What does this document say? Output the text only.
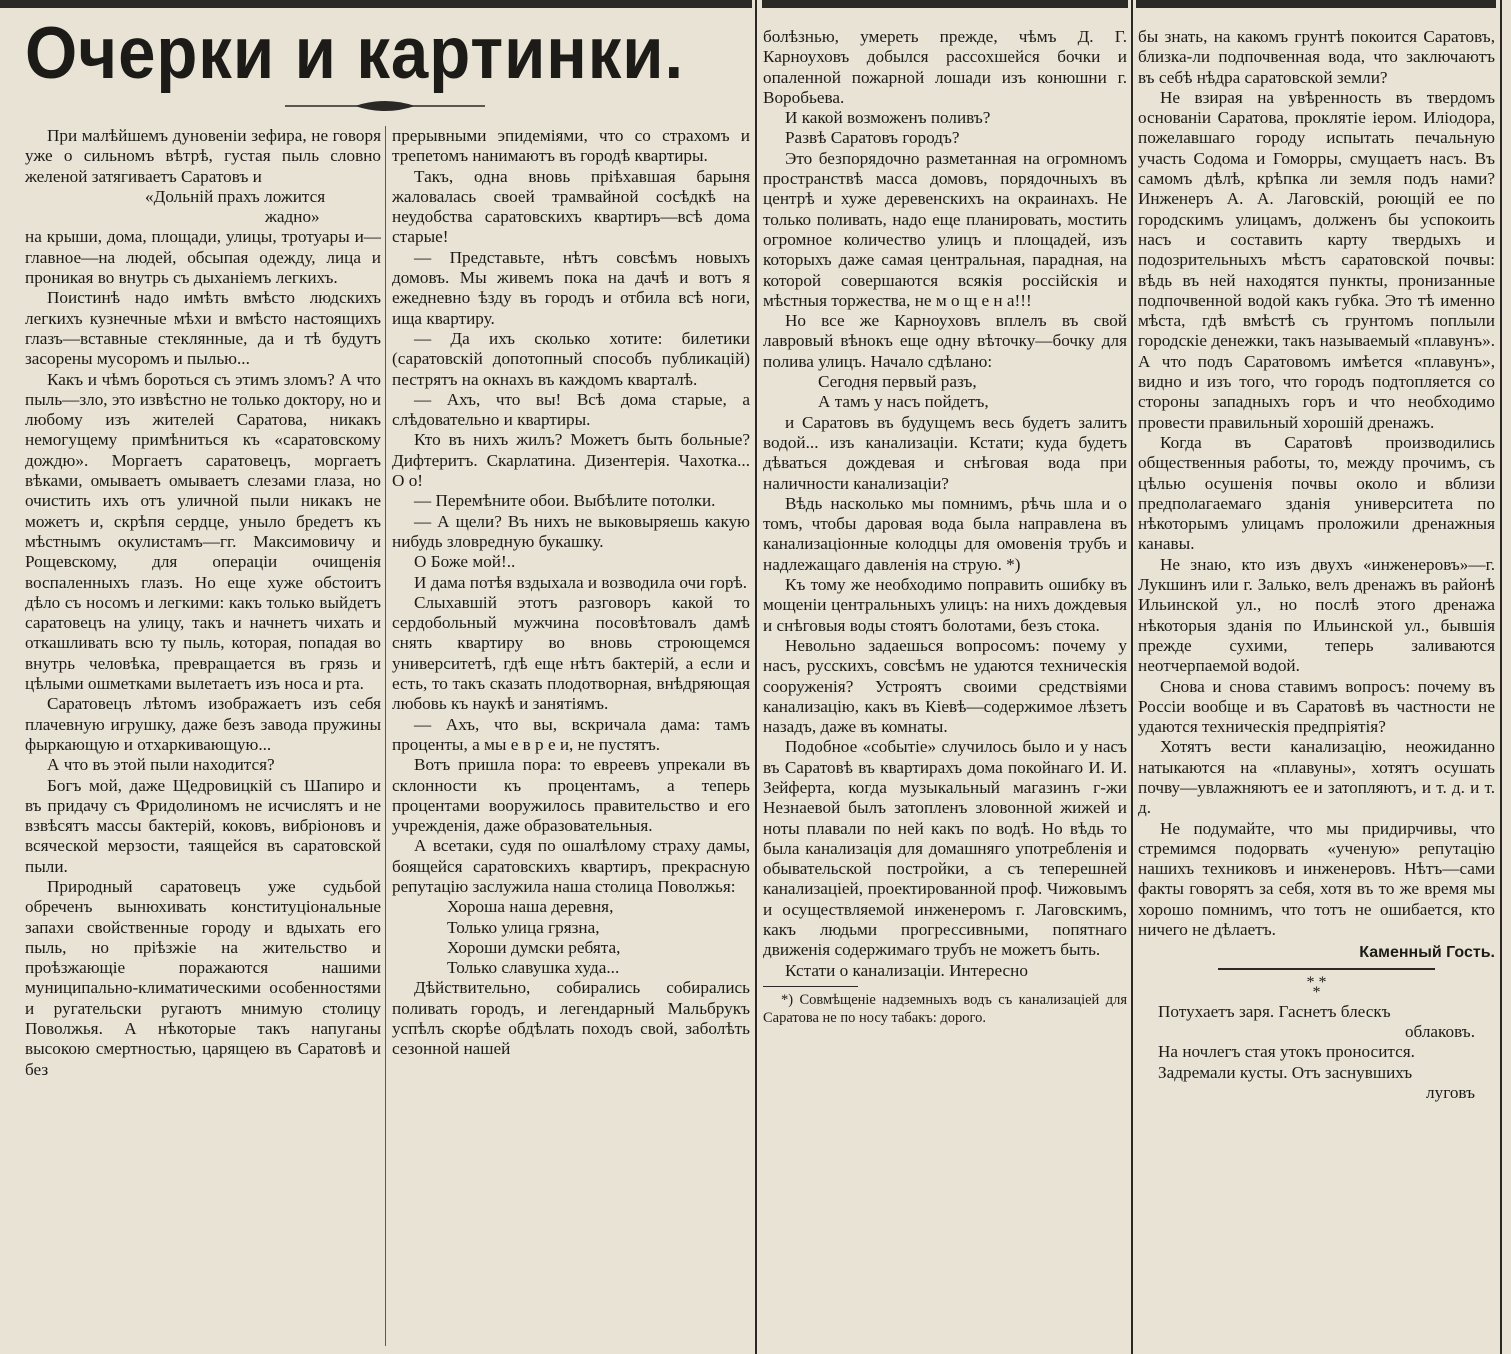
Очерки и картинки.

При малѣйшемъ дуновеніи зефира, не говоря уже о сильномъ вѣтрѣ, густая пыль словно желеной затягиваетъ Саратовъ и

«Дольній прахъ ложится

жадно»

на крыши, дома, площади, улицы, тротуары и—главное—на людей, обсыпая одежду, лица и проникая во внутрь съ дыханіемъ легкихъ.

Поистинѣ надо имѣть вмѣсто людскихъ легкихъ кузнечные мѣхи и вмѣсто настоящихъ глазъ—вставные стеклянные, да и тѣ будутъ засорены мусоромъ и пылью...

Какъ и чѣмъ бороться съ этимъ зломъ? А что пыль—зло, это извѣстно не только доктору, но и любому изъ жителей Саратова, никакъ немогущему примѣниться къ «саратовскому дождю». Моргаетъ саратовецъ, моргаетъ вѣками, омываетъ омываетъ слезами глаза, но очистить ихъ отъ уличной пыли никакъ не можетъ и, скрѣпя сердце, уныло бредетъ къ мѣстнымъ окулистамъ—гг. Максимовичу и Рощевскому, для операціи очищенія воспаленныхъ глазъ. Но еще хуже обстоитъ дѣло съ носомъ и легкими: какъ только выйдетъ саратовецъ на улицу, такъ и начнетъ чихать и откашливать всю ту пыль, которая, попадая во внутрь человѣка, превращается въ грязь и цѣлыми ошметками вылетаетъ изъ носа и рта.

Саратовецъ лѣтомъ изображаетъ изъ себя плачевную игрушку, даже безъ завода пружины фыркающую и отхаркивающую...

А что въ этой пыли находится?

Богъ мой, даже Щедровицкій съ Шапиро и въ придачу съ Фридолиномъ не исчислятъ и не взвѣсятъ массы бактерій, коковъ, вибріоновъ и всяческой мерзости, таящейся въ саратовской пыли.

Природный саратовецъ уже судьбой обреченъ вынюхивать конституціональные запахи свойственные городу и вдыхать его пыль, но пріѣзжіе на жительство и проѣзжающіе поражаются нашими муниципально-климатическими особенностями и ругательски ругаютъ мнимую столицу Поволжья. А нѣкоторые такъ напуганы высокою смертностью, царящею въ Саратовѣ и без

прерывными эпидеміями, что со страхомъ и трепетомъ нанимаютъ въ городѣ квартиры.

Такъ, одна вновь пріѣхавшая барыня жаловалась своей трамвайной сосѣдкѣ на неудобства саратовскихъ квартиръ—всѣ дома старые!

— Представьте, нѣтъ совсѣмъ новыхъ домовъ. Мы живемъ пока на дачѣ и вотъ я ежедневно ѣзду въ городъ и отбила всѣ ноги, ища квартиру.

— Да ихъ сколько хотите: билетики (саратовскій допотопный способъ публикацій) пестрятъ на окнахъ въ каждомъ кварталѣ.

— Ахъ, что вы! Всѣ дома старые, а слѣдовательно и квартиры.

Кто въ нихъ жилъ? Можетъ быть больные? Дифтеритъ. Скарлатина. Дизентерія. Чахотка... О о!

— Перемѣните обои. Выбѣлите потолки.

— А щели? Въ нихъ не выковыряешь какую нибудь зловредную букашку.

О Боже мой!..

И дама потѣя вздыхала и возводила очи горѣ.

Слыхавшій этотъ разговоръ какой то сердобольный мужчина посовѣтовалъ дамѣ снять квартиру во вновь строющемся университетѣ, гдѣ еще нѣтъ бактерій, а если и есть, то такъ сказать плодотворная, внѣдряющая любовь къ наукѣ и занятіямъ.

— Ахъ, что вы, вскричала дама: тамъ проценты, а мы е в р е и, не пустятъ.

Вотъ пришла пора: то евреевъ упрекали въ склонности къ процентамъ, а теперь процентами вооружилось правительство и его учрежденія, даже образовательныя.

А всетаки, судя по ошалѣлому страху дамы, боящейся саратовскихъ квартиръ, прекрасную репутацію заслужила наша столица Поволжья:

Хороша наша деревня,

Только улица грязна,

Хороши думски ребята,

Только славушка худа...

Дѣйствительно, собирались собирались поливать городъ, и легендарный Мальбрукъ успѣлъ скорѣе обдѣлать походъ свой, заболѣть сезонной нашей

болѣзнью, умереть прежде, чѣмъ Д. Г. Карноуховъ добылся рассохшейся бочки и опаленной пожарной лошади изъ конюшни г. Воробьева.

И какой возможенъ поливъ?

Развѣ Саратовъ городъ?

Это безпорядочно разметанная на огромномъ пространствѣ масса домовъ, порядочныхъ въ центрѣ и хуже деревенскихъ на окраинахъ. Не только поливать, надо еще планировать, мостить огромное количество улицъ и площадей, изъ которыхъ даже самая центральная, парадная, на которой совершаются всякія россійскія и мѣстныя торжества, не м о щ е н а!!!

Но все же Карноуховъ вплелъ въ свой лавровый вѣнокъ еще одну вѣточку—бочку для полива улицъ. Начало сдѣлано:

Сегодня первый разъ,

А тамъ у насъ пойдетъ,

и Саратовъ въ будущемъ весь будетъ залитъ водой... изъ канализаціи. Кстати; куда будетъ дѣваться дождевая и снѣговая вода при наличности канализаціи?

Вѣдь насколько мы помнимъ, рѣчь шла и о томъ, чтобы даровая вода была направлена въ канализаціонные колодцы для омовенія трубъ и надлежащаго давленія на струю. *)

Къ тому же необходимо поправить ошибку въ мощеніи центральныхъ улицъ: на нихъ дождевыя и снѣговыя воды стоятъ болотами, безъ стока.

Невольно задаешься вопросомъ: почему у насъ, русскихъ, совсѣмъ не удаются техническія сооруженія? Устроятъ своими средствіями канализацію, какъ въ Кіевѣ—содержимое лѣзетъ назадъ, даже въ комнаты.

Подобное «событіе» случилось было и у насъ въ Саратовѣ въ квартирахъ дома покойнаго И. И. Зейферта, когда музыкальный магазинъ г-жи Незнаевой былъ затопленъ зловонной жижей и ноты плавали по ней какъ по водѣ. Но вѣдь то была канализація для домашняго употребленія и обывательской постройки, а съ теперешней канализаціей, проектированной проф. Чижовымъ и осуществляемой инженеромъ г. Лаговскимъ, какъ людьми прогрессивными, попятнаго движенія содержимаго трубъ не можетъ быть.

Кстати о канализаціи. Интересно

*) Совмѣщеніе надземныхъ водъ съ канализаціей для Саратова не по носу табакъ: дорого.

бы знать, на какомъ грунтѣ покоится Саратовъ, близка-ли подпочвенная вода, что заключаютъ въ себѣ нѣдра саратовской земли?

Не взирая на увѣренность въ твердомъ основаніи Саратова, проклятіе іером. Иліодора, пожелавшаго городу испытать печальную участь Содома и Гоморры, смущаетъ насъ. Въ самомъ дѣлѣ, крѣпка ли земля подъ нами? Инженеръ А. А. Лаговскій, роющій ее по городскимъ улицамъ, долженъ бы успокоить насъ и составить карту твердыхъ и подозрительныхъ мѣстъ саратовской почвы: вѣдь въ ней находятся пункты, пронизанные подпочвенной водой какъ губка. Это тѣ именно мѣста, гдѣ вмѣстѣ съ грунтомъ поплыли городскіе денежки, такъ называемый «плавунъ». А что подъ Саратовомъ имѣется «плавунъ», видно и изъ того, что городъ подтопляется со стороны западныхъ горъ и что необходимо провести правильный хорошій дренажъ.

Когда въ Саратовѣ производились общественныя работы, то, между прочимъ, съ цѣлью осушенія почвы около и вблизи предполагаемаго зданія университета по нѣкоторымъ улицамъ проложили дренажныя канавы.

Не знаю, кто изъ двухъ «инженеровъ»—г. Лукшинъ или г. Залько, велъ дренажъ въ районѣ Ильинской ул., но послѣ этого дренажа нѣкоторыя зданія по Ильинской ул., бывшія прежде сухими, теперь заливаются неотчерпаемой водой.

Снова и снова ставимъ вопросъ: почему въ Россіи вообще и въ Саратовѣ въ частности не удаются техническія предпріятія?

Хотятъ вести канализацію, неожиданно натыкаются на «плавуны», хотятъ осушать почву—увлажняютъ ее и затопляютъ, и т. д. и т. д.

Не подумайте, что мы придирчивы, что стремимся подорвать «ученую» репутацію нашихъ техниковъ и инженеровъ. Нѣтъ—сами факты говорятъ за себя, хотя въ то же время мы хорошо помнимъ, что тотъ не ошибается, кто ничего не дѣлаетъ.

Каменный Гость.

* *
*

Потухаетъ заря. Гаснетъ блескъ

облаковъ.

На ночлегъ стая утокъ проносится.

Задремали кусты. Отъ заснувшихъ

луговъ
